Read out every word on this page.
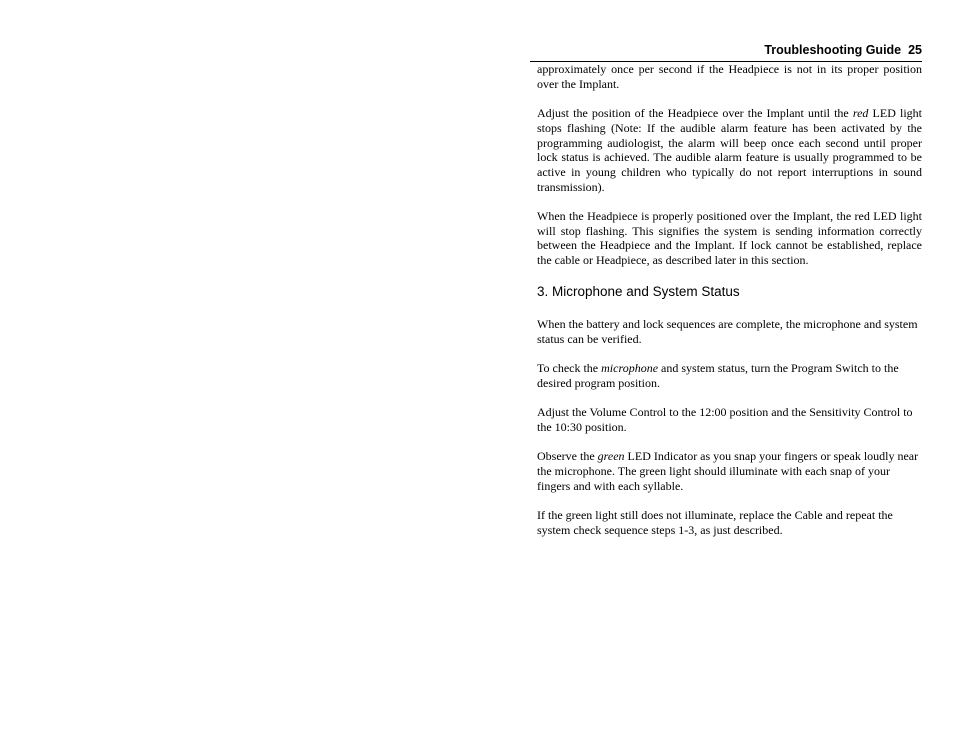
Troubleshooting Guide 25

approximately once per second if the Headpiece is not in its proper position over the Implant.

Adjust the position of the Headpiece over the Implant until the red LED light stops flashing (Note: If the audible alarm feature has been activated by the programming audiologist, the alarm will beep once each second until proper lock status is achieved. The audible alarm feature is usually programmed to be active in young children who typically do not report interruptions in sound transmission).

When the Headpiece is properly positioned over the Implant, the red LED light will stop flashing. This signifies the system is sending information correctly between the Headpiece and the Implant. If lock cannot be established, replace the cable or Headpiece, as described later in this section.

3. Microphone and System Status

When the battery and lock sequences are complete, the microphone and system status can be verified.

To check the microphone and system status, turn the Program Switch to the desired program position.

Adjust the Volume Control to the 12:00 position and the Sensitivity Control to the 10:30 position.

Observe the green LED Indicator as you snap your fingers or speak loudly near the microphone. The green light should illuminate with each snap of your fingers and with each syllable.

If the green light still does not illuminate, replace the Cable and repeat the system check sequence steps 1-3, as just described.
